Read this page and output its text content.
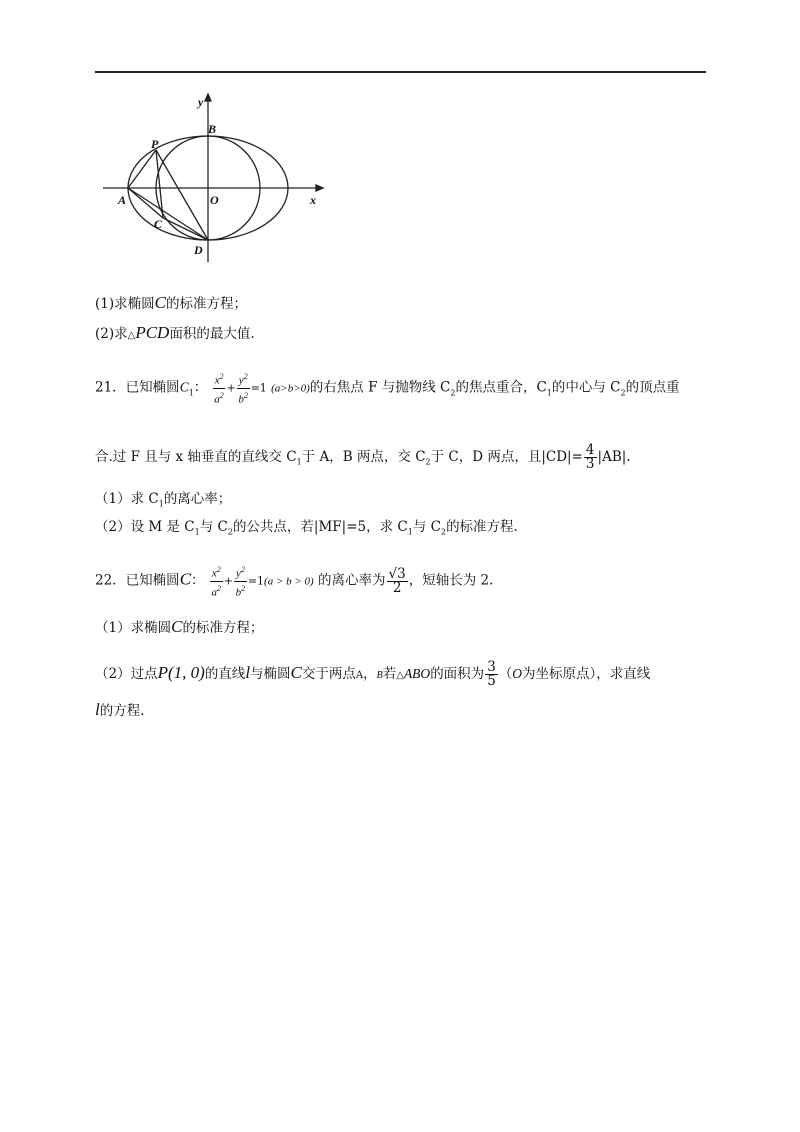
y
x
B
P
A	O
C
D
(1)求椭圆C的标准方程；
(2)求△PCD面积的最大值.
21．已知椭圆$C_1$： $\frac{x^2}{a^2} + \frac{y^2}{b^2} =1$ (a>b>0)的右焦点 F 与抛物线 $C_2$的焦点重合，$C_1$的中心与 $C_2$的顶点重
合.过 F 且与 x 轴垂直的直线交 $C_1$于 A，B 两点，交 $C_2$于 C，D 两点，且$|CD|= \frac{4}{3} |AB|$.
（1）求 $C_1$的离心率；
（2）设 M 是 $C_1$与 $C_2$的公共点，若|MF|=5，求 $C_1$与 $C_2$的标准方程.
22．已知椭圆C： $\frac{x^2}{a^2} + \frac{y^2}{b^2} =1(a > b > 0)$ 的离心率为 $\frac{√3}{2}$ ，短轴长为 2.
（1）求椭圆C的标准方程；
（2）过点P(1, 0)的直线l与椭圆C交于两点A，B若△ABO的面积为 $\frac{3}{5} (O$为坐标原点），求直线
l的方程.
